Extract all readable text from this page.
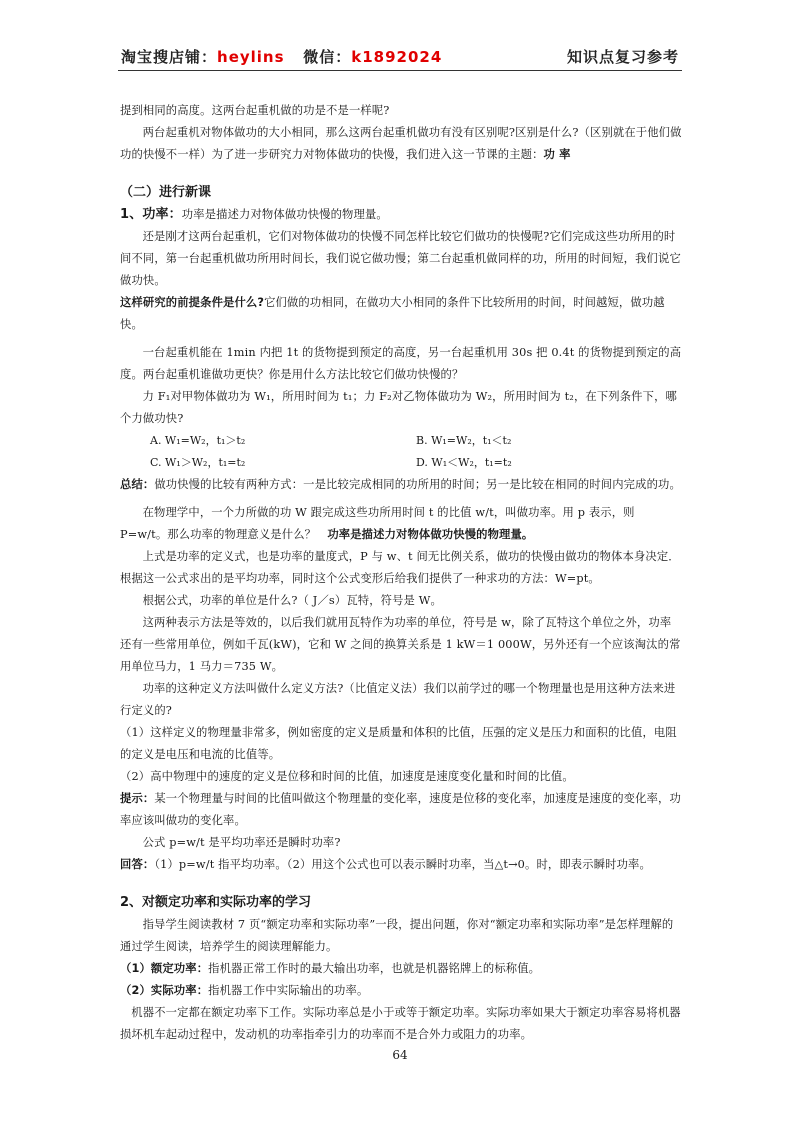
淘宝搜店铺：heylins 微信：k1892024	知识点复习参考

提到相同的高度。这两台起重机做的功是不是一样呢?

两台起重机对物体做功的大小相同，那么这两台起重机做功有没有区别呢?区别是什么?（区别就在于他们做功的快慢不一样）为了进一步研究力对物体做功的快慢，我们进入这一节课的主题：功 率

（二）进行新课

1、功率：功率是描述力对物体做功快慢的物理量。

还是刚才这两台起重机，它们对物体做功的快慢不同怎样比较它们做功的快慢呢?它们完成这些功所用的时间不同，第一台起重机做功所用时间长，我们说它做功慢；第二台起重机做同样的功，所用的时间短，我们说它做功快。

这样研究的前提条件是什么?它们做的功相同，在做功大小相同的条件下比较所用的时间，时间越短，做功越快。

一台起重机能在 1min 内把 1t 的货物提到预定的高度，另一台起重机用 30s 把 0.4t 的货物提到预定的高度。两台起重机谁做功更快？你是用什么方法比较它们做功快慢的？

力 F₁对甲物体做功为 W₁，所用时间为 t₁；力 F₂对乙物体做功为 W₂，所用时间为 t₂，在下列条件下，哪个力做功快?

A. W₁=W₂，t₁＞t₂	B. W₁=W₂，t₁＜t₂
C. W₁＞W₂，t₁=t₂	D. W₁＜W₂，t₁=t₂

总结：做功快慢的比较有两种方式：一是比较完成相同的功所用的时间；另一是比较在相同的时间内完成的功。

在物理学中，一个力所做的功 W 跟完成这些功所用时间 t 的比值 w/t，叫做功率。用 p 表示，则 P=w/t。那么功率的物理意义是什么？ 功率是描述力对物体做功快慢的物理量。

上式是功率的定义式，也是功率的量度式，P 与 w、t 间无比例关系，做功的快慢由做功的物体本身决定．根据这一公式求出的是平均功率，同时这个公式变形后给我们提供了一种求功的方法：W=pt。

根据公式，功率的单位是什么?（ J／s）瓦特，符号是 W。

这两种表示方法是等效的，以后我们就用瓦特作为功率的单位，符号是 w，除了瓦特这个单位之外，功率还有一些常用单位，例如千瓦(kW)，它和 W 之间的换算关系是 1 kW＝1 000W，另外还有一个应该淘汰的常用单位马力，1 马力＝735 W。

功率的这种定义方法叫做什么定义方法?（比值定义法）我们以前学过的哪一个物理量也是用这种方法来进行定义的?

（1）这样定义的物理量非常多，例如密度的定义是质量和体积的比值，压强的定义是压力和面积的比值，电阻的定义是电压和电流的比值等。

（2）高中物理中的速度的定义是位移和时间的比值，加速度是速度变化量和时间的比值。

提示：某一个物理量与时间的比值叫做这个物理量的变化率，速度是位移的变化率，加速度是速度的变化率，功率应该叫做功的变化率。

公式 p=w/t 是平均功率还是瞬时功率?

回答：（1）p=w/t 指平均功率。（2）用这个公式也可以表示瞬时功率，当△t→0。时，即表示瞬时功率。

2、对额定功率和实际功率的学习

指导学生阅读教材 7 页“额定功率和实际功率”一段，提出问题，你对“额定功率和实际功率”是怎样理解的通过学生阅读，培养学生的阅读理解能力。

（1）额定功率：指机器正常工作时的最大输出功率，也就是机器铭牌上的标称值。

（2）实际功率：指机器工作中实际输出的功率。

机器不一定都在额定功率下工作。实际功率总是小于或等于额定功率。实际功率如果大于额定功率容易将机器损坏机车起动过程中，发动机的功率指牵引力的功率而不是合外力或阻力的功率。

64
